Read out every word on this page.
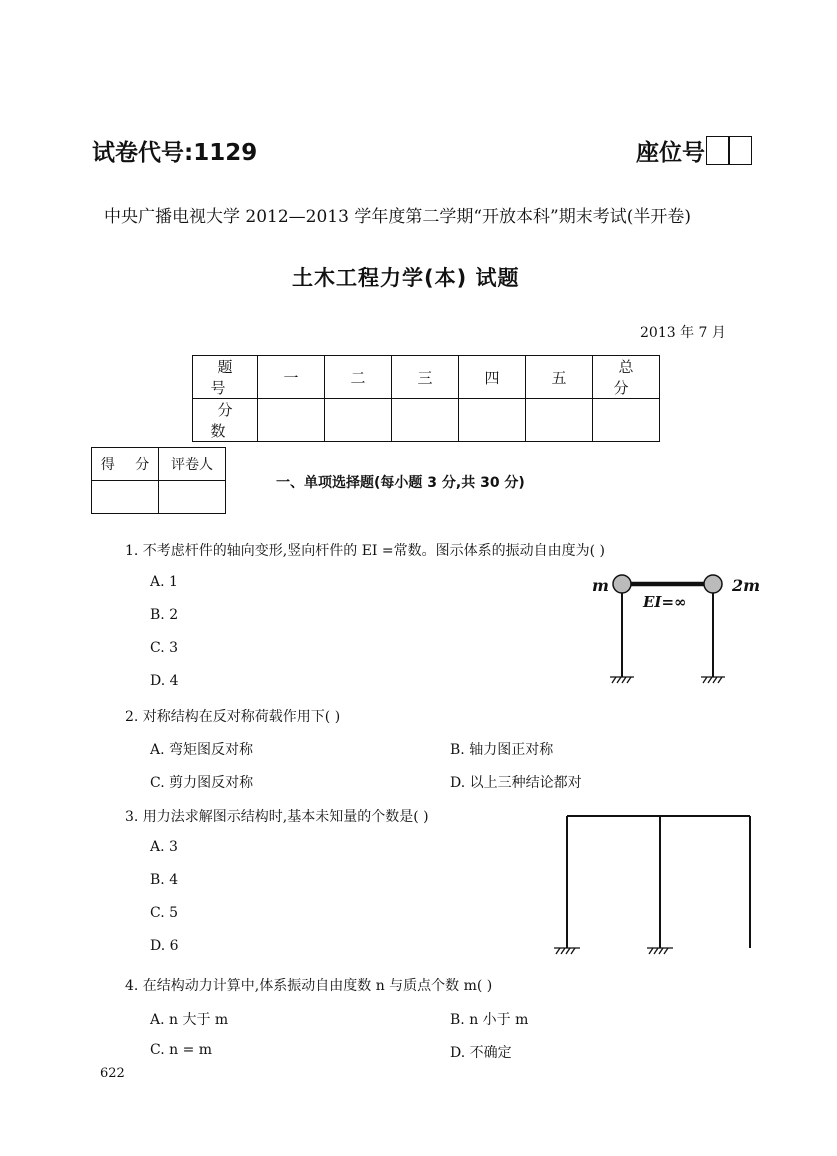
试卷代号:1129	座位号
中央广播电视大学 2012—2013 学年度第二学期“开放本科”期末考试(半开卷)
土木工程力学(本) 试题
2013 年 7 月
题 号	一	二	三	四	五	总 分
分 数						
得 分	评卷人

一、单项选择题(每小题 3 分,共 30 分)
1. 不考虑杆件的轴向变形,竖向杆件的 EI =常数。图示体系的振动自由度为( )
A. 1
B. 2
C. 3
D. 4
m	2m
EI=∞
2. 对称结构在反对称荷载作用下( )
A. 弯矩图反对称	B. 轴力图正对称
C. 剪力图反对称	D. 以上三种结论都对
3. 用力法求解图示结构时,基本未知量的个数是( )
A. 3
B. 4
C. 5
D. 6
4. 在结构动力计算中,体系振动自由度数 n 与质点个数 m( )
A. n 大于 m	B. n 小于 m
C. n = m	D. 不确定
622
